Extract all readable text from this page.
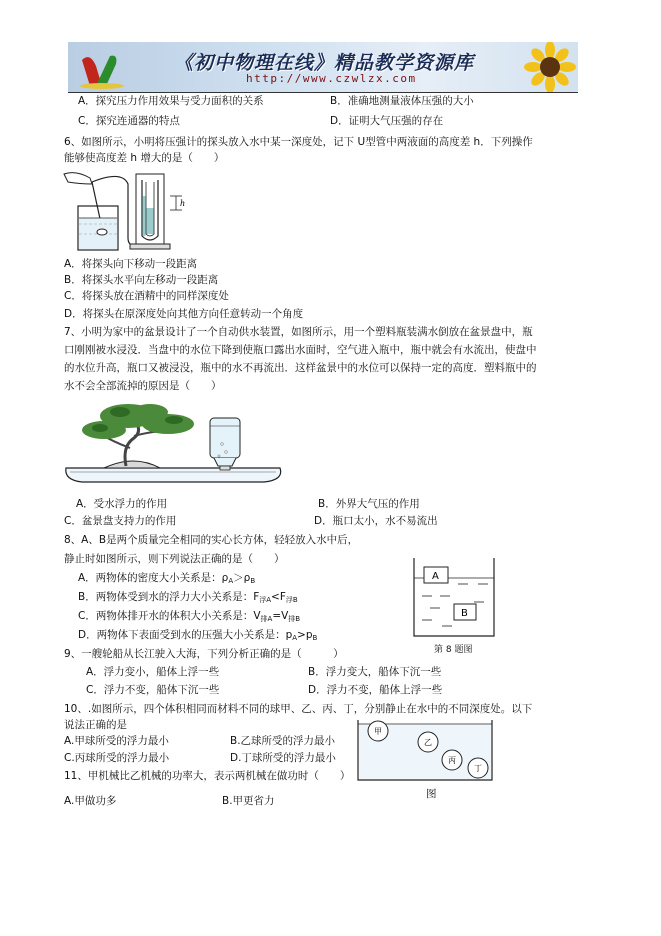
《初中物理在线》精品教学资源库
http://www.czwlzx.com
A．探究压力作用效果与受力面积的关系	B．准确地测量液体压强的大小
C．探究连通器的特点	D．证明大气压强的存在
6、如图所示，小明将压强计的探头放入水中某一深度处，记下 U型管中两液面的高度差 h．下列操作
能够使高度差 h 增大的是（　　）
h
A．将探头向下移动一段距离
B．将探头水平向左移动一段距离
C．将探头放在酒精中的同样深度处
D．将探头在原深度处向其他方向任意转动一个角度
7、小明为家中的盆景设计了一个自动供水装置，如图所示，用一个塑料瓶装满水倒放在盆景盘中，瓶
口刚刚被水浸没．当盘中的水位下降到使瓶口露出水面时，空气进入瓶中，瓶中就会有水流出，使盘中
的水位升高，瓶口又被浸没，瓶中的水不再流出．这样盆景中的水位可以保持一定的高度．塑料瓶中的
水不会全部流掉的原因是（　　）
A．受水浮力的作用	B．外界大气压的作用
C．盆景盘支持力的作用	D．瓶口太小，水不易流出
8、A、B是两个质量完全相同的实心长方体，轻轻放入水中后，
静止时如图所示，则下列说法正确的是（　　）
A．两物体的密度大小关系是：$\rho_A>\rho_B$
B．两物体受到水的浮力大小关系是：$F_{浮A}<F_{浮B}$
C．两物体排开水的体积大小关系是：$V_{排A}=V_{排B}$
D．两物体下表面受到水的压强大小关系是：$p_A>p_B$
A
B
第 8 题图
9、一艘轮船从长江驶入大海，下列分析正确的是（　　　）
A．浮力变小，船体上浮一些	B．浮力变大，船体下沉一些
C．浮力不变，船体下沉一些	D．浮力不变，船体上浮一些
10、.如图所示，四个体积相同而材料不同的球甲、乙、丙、丁，分别静止在水中的不同深度处。以下
说法正确的是
A.甲球所受的浮力最小	B.乙球所受的浮力最小
C.丙球所受的浮力最小	D.丁球所受的浮力最小
甲
乙
丙
丁
图
11、甲机械比乙机械的功率大，表示两机械在做功时（　　）
A.甲做功多	B.甲更省力
